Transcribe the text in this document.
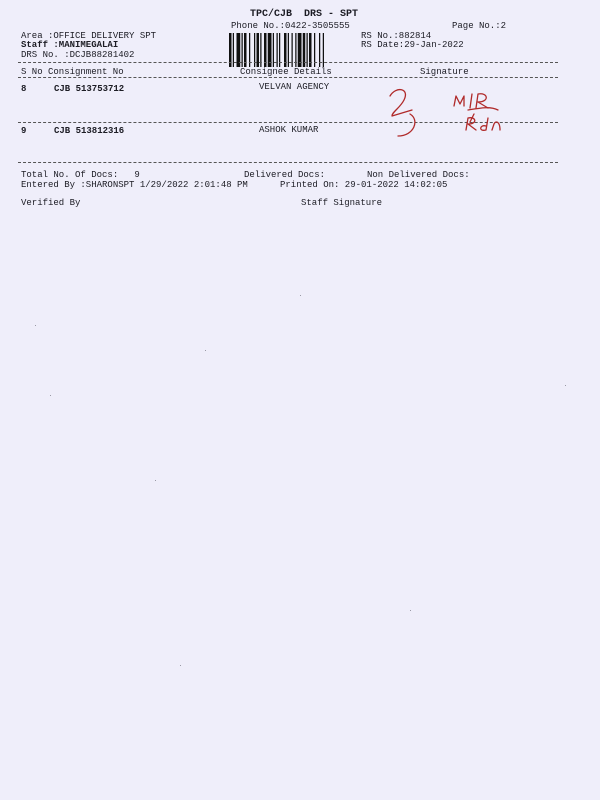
TPC/CJB  DRS - SPT
Phone No.:0422-3505555	Page No.:2
Area :OFFICE DELIVERY SPT
Staff :MANIMEGALAI
DRS No. :DCJB88281402
RS No.:882814
RS Date:29-Jan-2022
S No Consignment No	Consignee Details	Signature
8	CJB 513753712	VELVAN AGENCY
9	CJB 513812316	ASHOK KUMAR
Total No. Of Docs:   9	Delivered Docs:	Non Delivered Docs:
Entered By :SHARONSPT 1/29/2022 2:01:48 PM	Printed On: 29-01-2022 14:02:05
Verified By	Staff Signature
